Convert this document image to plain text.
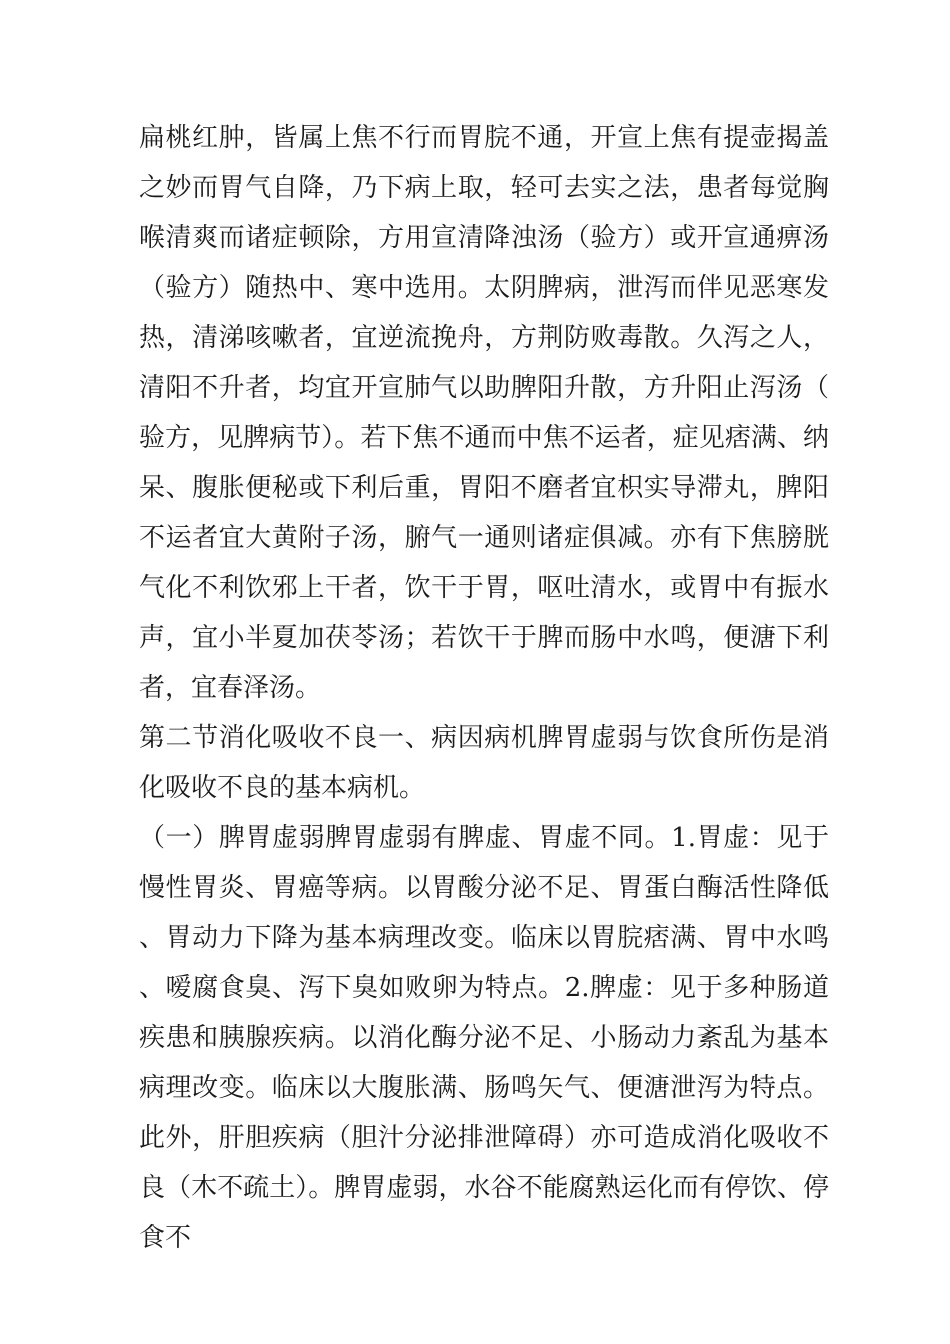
扁桃红肿，皆属上焦不行而胃脘不通，开宣上焦有提壶揭盖之妙而胃气自降，乃下病上取，轻可去实之法，患者每觉胸喉清爽而诸症顿除，方用宣清降浊汤（验方）或开宣通痹汤（验方）随热中、寒中选用。太阴脾病，泄泻而伴见恶寒发热，清涕咳嗽者，宜逆流挽舟，方荆防败毒散。久泻之人，清阳不升者，均宜开宣肺气以助脾阳升散，方升阳止泻汤（验方，见脾病节）。若下焦不通而中焦不运者，症见痞满、纳呆、腹胀便秘或下利后重，胃阳不磨者宜枳实导滞丸，脾阳不运者宜大黄附子汤，腑气一通则诸症俱减。亦有下焦膀胱气化不利饮邪上干者，饮干于胃，呕吐清水，或胃中有振水声，宜小半夏加茯苓汤；若饮干于脾而肠中水鸣，便溏下利者，宜春泽汤。

第二节消化吸收不良一、病因病机脾胃虚弱与饮食所伤是消化吸收不良的基本病机。

（一）脾胃虚弱脾胃虚弱有脾虚、胃虚不同。1.胃虚：见于慢性胃炎、胃癌等病。以胃酸分泌不足、胃蛋白酶活性降低、胃动力下降为基本病理改变。临床以胃脘痞满、胃中水鸣、嗳腐食臭、泻下臭如败卵为特点。2.脾虚：见于多种肠道疾患和胰腺疾病。以消化酶分泌不足、小肠动力紊乱为基本病理改变。临床以大腹胀满、肠鸣矢气、便溏泄泻为特点。此外，肝胆疾病（胆汁分泌排泄障碍）亦可造成消化吸收不良（木不疏土）。脾胃虚弱，水谷不能腐熟运化而有停饮、停食不
